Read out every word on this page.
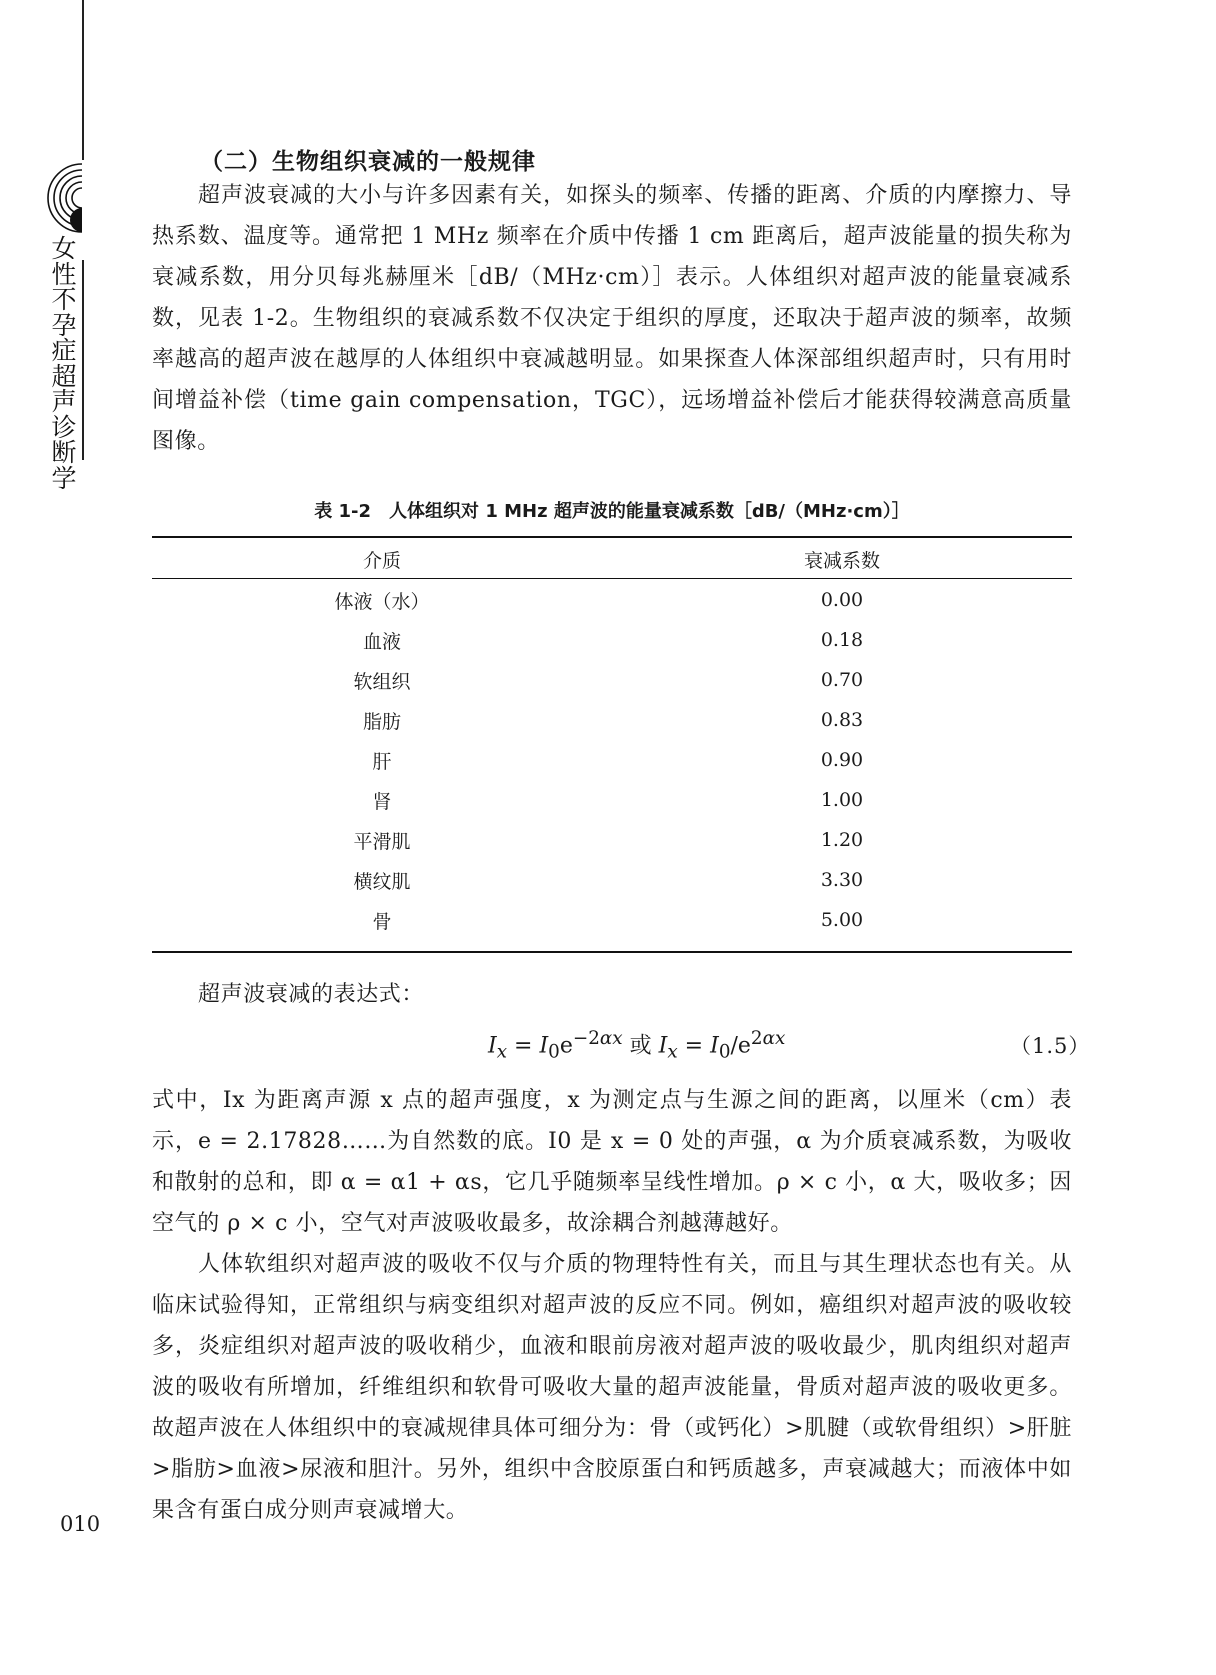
女性不孕症超声诊断学
（二）生物组织衰减的一般规律

超声波衰减的大小与许多因素有关，如探头的频率、传播的距离、介质的内摩擦力、导热系数、温度等。通常把 1 MHz 频率在介质中传播 1 cm 距离后，超声波能量的损失称为衰减系数，用分贝每兆赫厘米［dB/（MHz·cm）］表示。人体组织对超声波的能量衰减系数，见表 1-2。生物组织的衰减系数不仅决定于组织的厚度，还取决于超声波的频率，故频率越高的超声波在越厚的人体组织中衰减越明显。如果探查人体深部组织超声时，只有用时间增益补偿（time gain compensation，TGC），远场增益补偿后才能获得较满意高质量图像。

表 1-2　人体组织对 1 MHz 超声波的能量衰减系数［dB/（MHz·cm）］
介质	衰减系数
体液（水）	0.00
血液	0.18
软组织	0.70
脂肪	0.83
肝	0.90
肾	1.00
平滑肌	1.20
横纹肌	3.30
骨	5.00

超声波衰减的表达式：

$I_x = I_0e^{-2\alpha x}$ 或 $I_x = I_0/e^{2\alpha x}$	（1.5）

式中，Ix 为距离声源 x 点的超声强度，x 为测定点与生源之间的距离，以厘米（cm）表示，e = 2.17828……为自然数的底。I0 是 x = 0 处的声强，α 为介质衰减系数，为吸收和散射的总和，即 α = α1 + αs，它几乎随频率呈线性增加。ρ × c 小，α 大，吸收多；因空气的 ρ × c 小，空气对声波吸收最多，故涂耦合剂越薄越好。

人体软组织对超声波的吸收不仅与介质的物理特性有关，而且与其生理状态也有关。从临床试验得知，正常组织与病变组织对超声波的反应不同。例如，癌组织对超声波的吸收较多，炎症组织对超声波的吸收稍少，血液和眼前房液对超声波的吸收最少，肌肉组织对超声波的吸收有所增加，纤维组织和软骨可吸收大量的超声波能量，骨质对超声波的吸收更多。故超声波在人体组织中的衰减规律具体可细分为：骨（或钙化）>肌腱（或软骨组织）>肝脏>脂肪>血液>尿液和胆汁。另外，组织中含胶原蛋白和钙质越多，声衰减越大；而液体中如果含有蛋白成分则声衰减增大。

010
